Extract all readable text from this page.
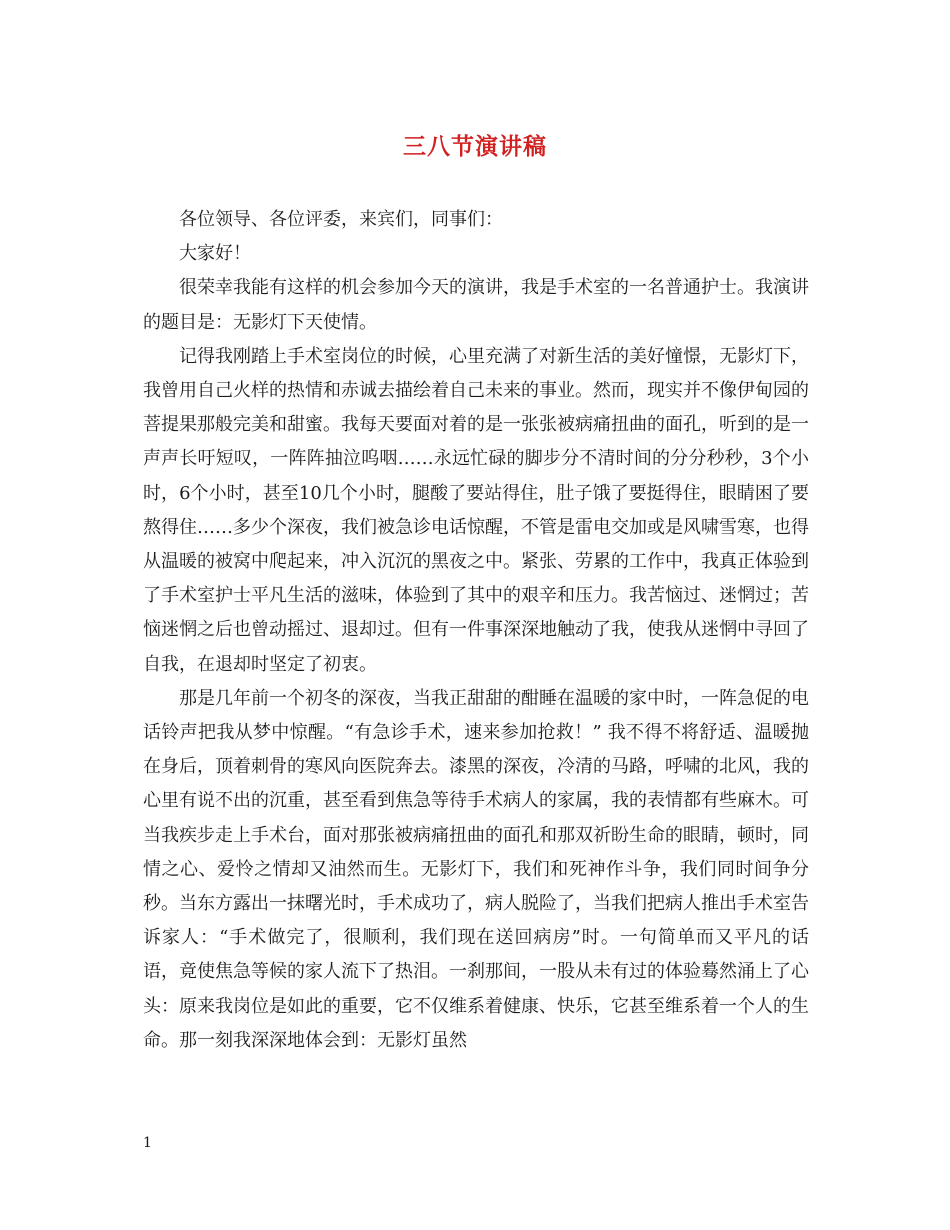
三八节演讲稿

各位领导、各位评委，来宾们，同事们：

大家好！

很荣幸我能有这样的机会参加今天的演讲，我是手术室的一名普通护士。我演讲的题目是：无影灯下天使情。

记得我刚踏上手术室岗位的时候，心里充满了对新生活的美好憧憬，无影灯下，我曾用自己火样的热情和赤诚去描绘着自己未来的事业。然而，现实并不像伊甸园的菩提果那般完美和甜蜜。我每天要面对着的是一张张被病痛扭曲的面孔，听到的是一声声长吁短叹，一阵阵抽泣呜咽……永远忙碌的脚步分不清时间的分分秒秒，3个小时，6个小时，甚至10几个小时，腿酸了要站得住，肚子饿了要挺得住，眼睛困了要熬得住……多少个深夜，我们被急诊电话惊醒，不管是雷电交加或是风啸雪寒，也得从温暖的被窝中爬起来，冲入沉沉的黑夜之中。紧张、劳累的工作中，我真正体验到了手术室护士平凡生活的滋味，体验到了其中的艰辛和压力。我苦恼过、迷惘过；苦恼迷惘之后也曾动摇过、退却过。但有一件事深深地触动了我，使我从迷惘中寻回了自我，在退却时坚定了初衷。

那是几年前一个初冬的深夜，当我正甜甜的酣睡在温暖的家中时，一阵急促的电话铃声把我从梦中惊醒。“有急诊手术，速来参加抢救！” 我不得不将舒适、温暖抛在身后，顶着刺骨的寒风向医院奔去。漆黑的深夜，冷清的马路，呼啸的北风，我的心里有说不出的沉重，甚至看到焦急等待手术病人的家属，我的表情都有些麻木。可当我疾步走上手术台，面对那张被病痛扭曲的面孔和那双祈盼生命的眼睛，顿时，同情之心、爱怜之情却又油然而生。无影灯下，我们和死神作斗争，我们同时间争分秒。当东方露出一抹曙光时，手术成功了，病人脱险了，当我们把病人推出手术室告诉家人：“手术做完了，很顺利，我们现在送回病房”时。一句简单而又平凡的话语，竟使焦急等候的家人流下了热泪。一刹那间，一股从未有过的体验蓦然涌上了心头：原来我岗位是如此的重要，它不仅维系着健康、快乐，它甚至维系着一个人的生命。那一刻我深深地体会到：无影灯虽然

1
